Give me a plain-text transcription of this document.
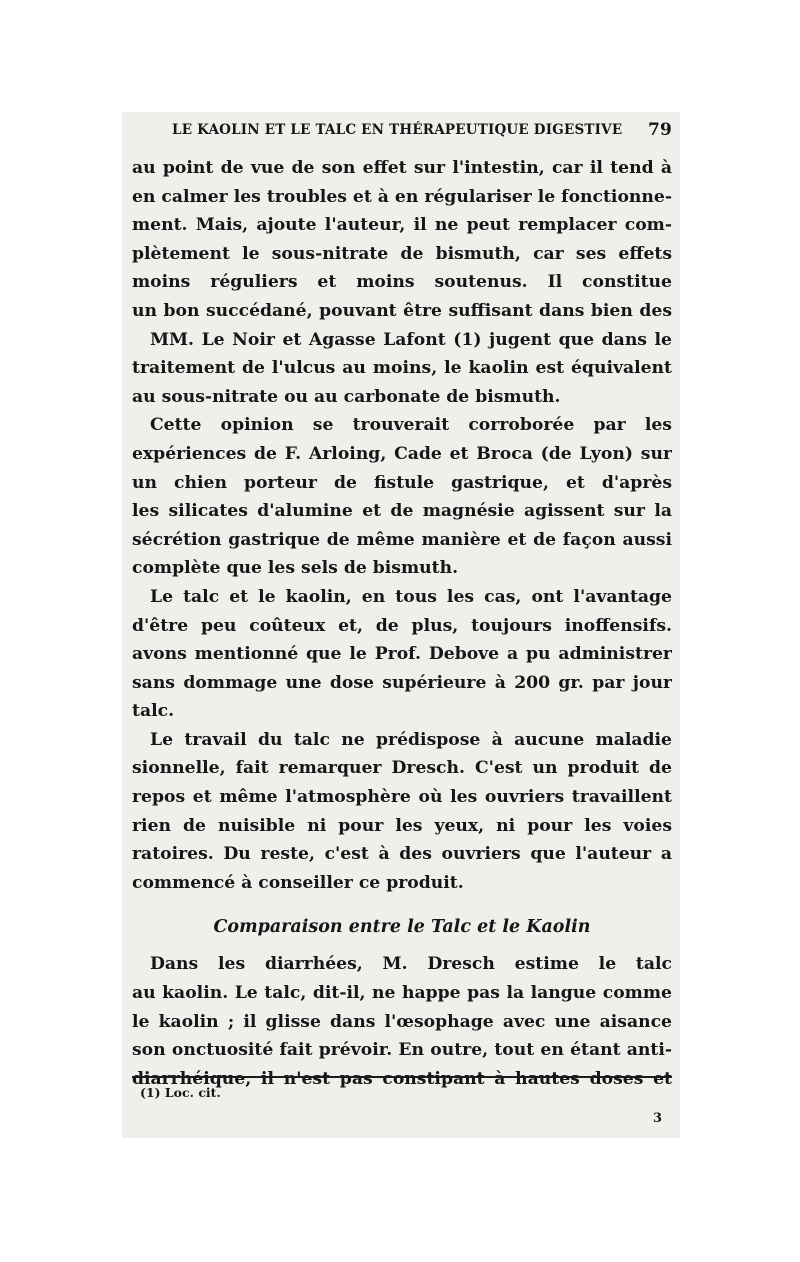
LE KAOLIN ET LE TALC EN THÉRAPEUTIQUE DIGESTIVE 79
au point de vue de son effet sur l'intestin, car il tend à
en calmer les troubles et à en régulariser le fonctionne-
ment. Mais, ajoute l'auteur, il ne peut remplacer com-
plètement le sous-nitrate de bismuth, car ses effets
moins réguliers et moins soutenus. Il constitue
un bon succédané, pouvant être suffisant dans bien des
MM. Le Noir et Agasse Lafont (1) jugent que dans le
traitement de l'ulcus au moins, le kaolin est équivalent
au sous-nitrate ou au carbonate de bismuth.
Cette opinion se trouverait corroborée par les
expériences de F. Arloing, Cade et Broca (de Lyon) sur
un chien porteur de fistule gastrique, et d'après
les silicates d'alumine et de magnésie agissent sur la
sécrétion gastrique de même manière et de façon aussi
complète que les sels de bismuth.
Le talc et le kaolin, en tous les cas, ont l'avantage
d'être peu coûteux et, de plus, toujours inoffensifs.
avons mentionné que le Prof. Debove a pu administrer
sans dommage une dose supérieure à 200 gr. par jour
talc.
Le travail du talc ne prédispose à aucune maladie
sionnelle, fait remarquer Dresch. C'est un produit de
repos et même l'atmosphère où les ouvriers travaillent
rien de nuisible ni pour les yeux, ni pour les voies
ratoires. Du reste, c'est à des ouvriers que l'auteur a
commencé à conseiller ce produit.
Comparaison entre le Talc et le Kaolin
Dans les diarrhées, M. Dresch estime le talc
au kaolin. Le talc, dit-il, ne happe pas la langue comme
le kaolin ; il glisse dans l'œsophage avec une aisance
son onctuosité fait prévoir. En outre, tout en étant anti-
diarrhéique, il n'est pas constipant à hautes doses et
(1) Loc. cit.
3
